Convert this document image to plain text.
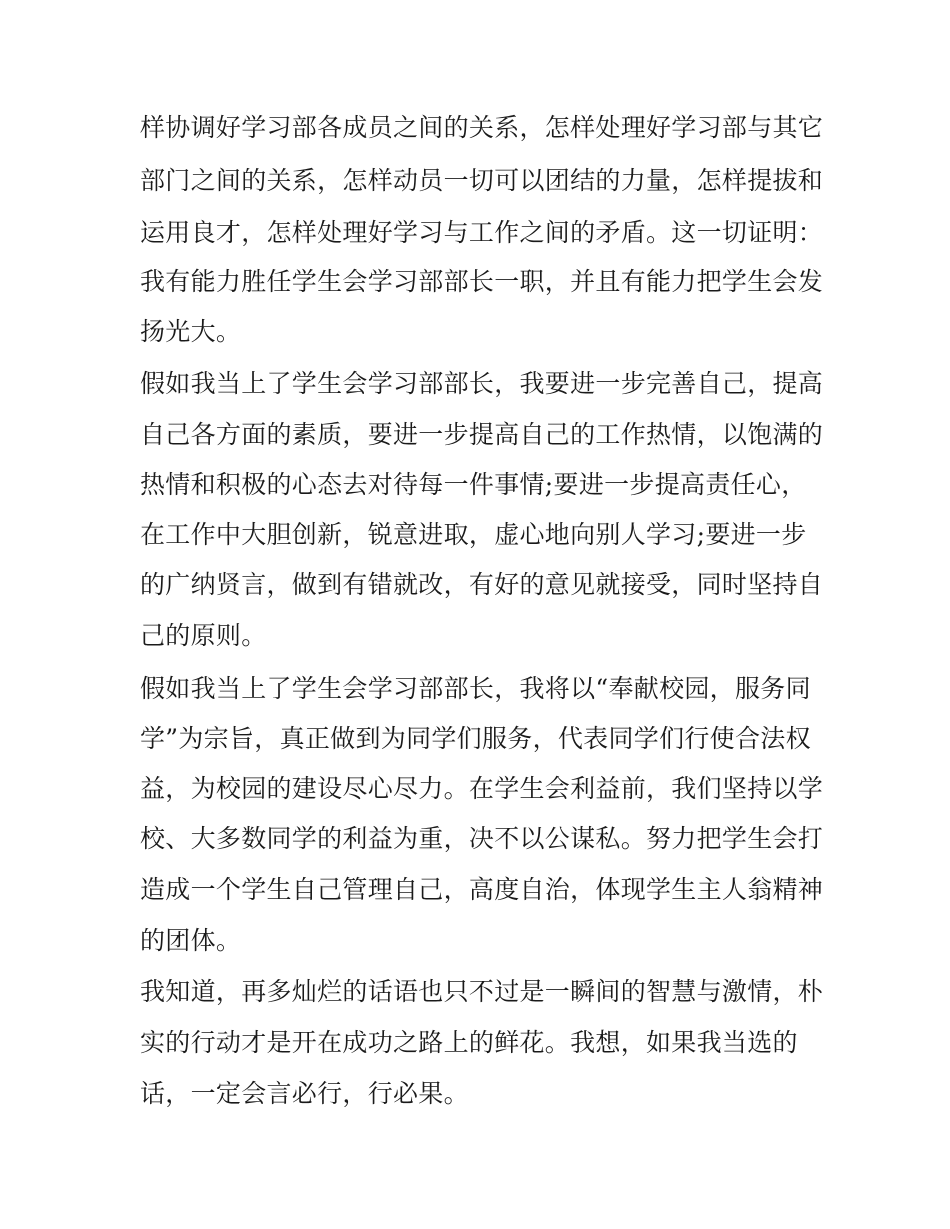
样协调好学习部各成员之间的关系，怎样处理好学习部与其它
部门之间的关系，怎样动员一切可以团结的力量，怎样提拔和
运用良才，怎样处理好学习与工作之间的矛盾。这一切证明：
我有能力胜任学生会学习部部长一职，并且有能力把学生会发
扬光大。
假如我当上了学生会学习部部长，我要进一步完善自己，提高
自己各方面的素质，要进一步提高自己的工作热情，以饱满的
热情和积极的心态去对待每一件事情;要进一步提高责任心，
在工作中大胆创新，锐意进取，虚心地向别人学习;要进一步
的广纳贤言，做到有错就改，有好的意见就接受，同时坚持自
己的原则。
假如我当上了学生会学习部部长，我将以“奉献校园，服务同
学”为宗旨，真正做到为同学们服务，代表同学们行使合法权
益，为校园的建设尽心尽力。在学生会利益前，我们坚持以学
校、大多数同学的利益为重，决不以公谋私。努力把学生会打
造成一个学生自己管理自己，高度自治，体现学生主人翁精神
的团体。
我知道，再多灿烂的话语也只不过是一瞬间的智慧与激情，朴
实的行动才是开在成功之路上的鲜花。我想，如果我当选的
话，一定会言必行，行必果。
